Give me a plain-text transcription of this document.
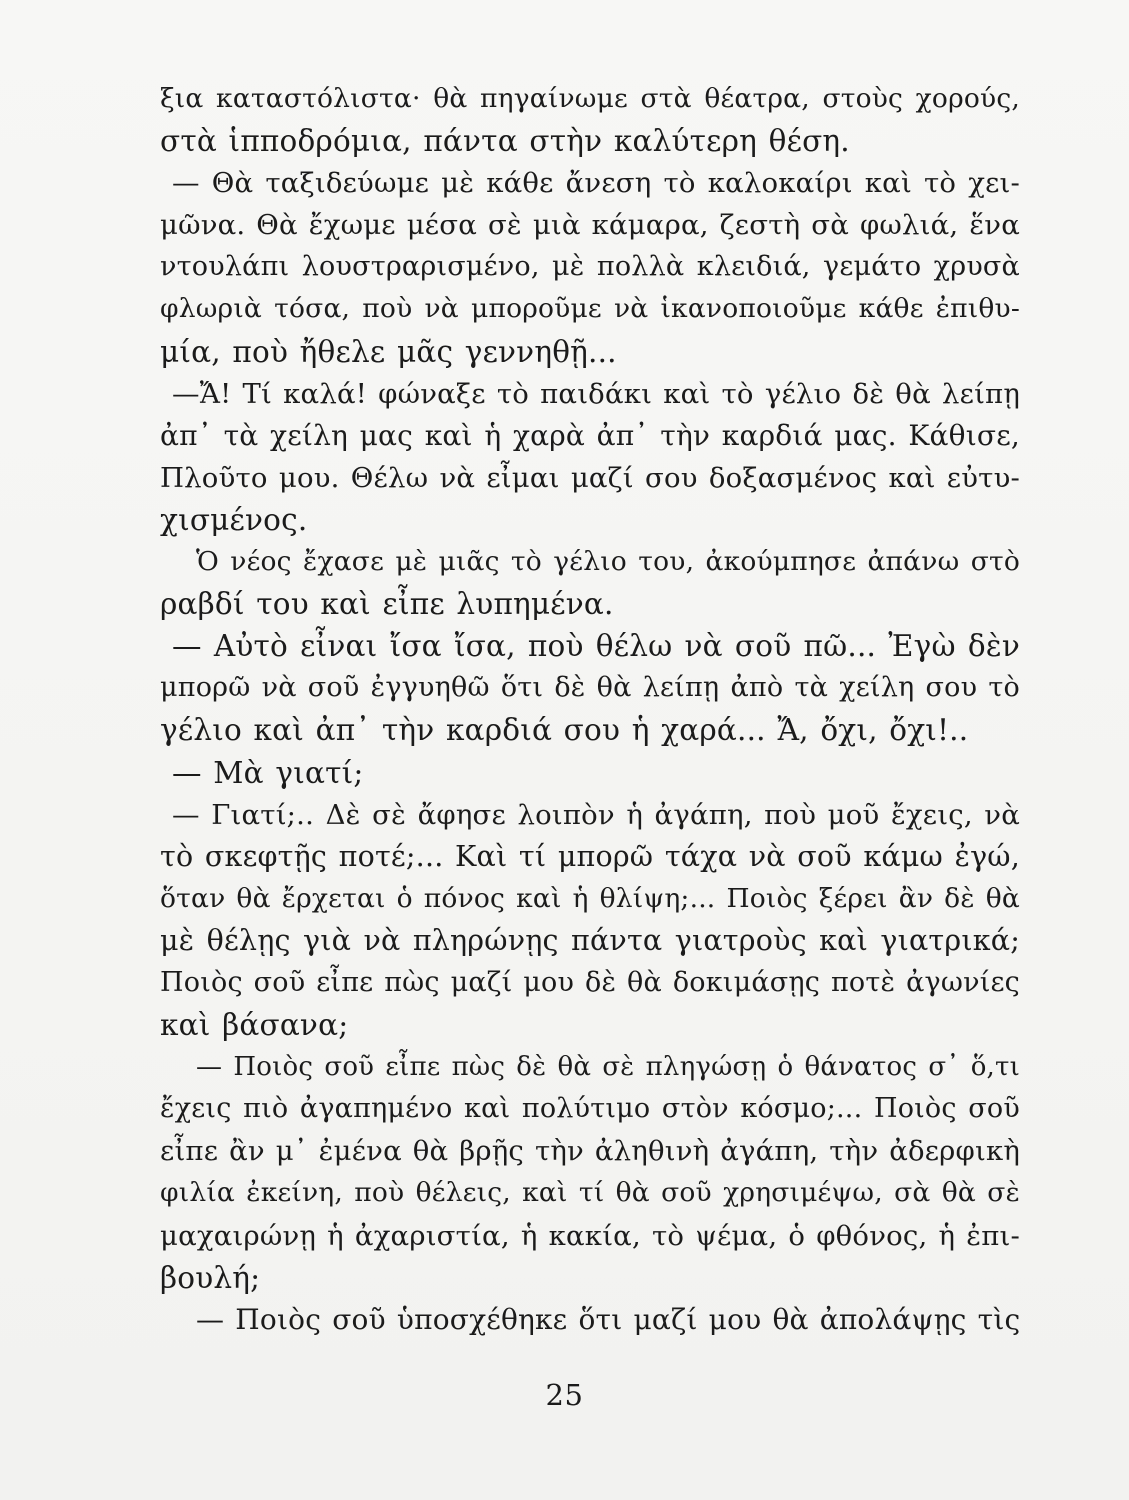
ξια καταστόλιστα· θὰ πηγαίνωμε στὰ θέατρα, στοὺς χορούς,
στὰ ἱπποδρόμια, πάντα στὴν καλύτερη θέση.
— Θὰ ταξιδεύωμε μὲ κάθε ἄνεση τὸ καλοκαίρι καὶ τὸ χει-
μῶνα. Θὰ ἔχωμε μέσα σὲ μιὰ κάμαρα, ζεστὴ σὰ φωλιά, ἕνα
ντουλάπι λουστραρισμένο, μὲ πολλὰ κλειδιά, γεμάτο χρυσὰ
φλωριὰ τόσα, ποὺ νὰ μποροῦμε νὰ ἱκανοποιοῦμε κάθε ἐπιθυ-
μία, ποὺ ἤθελε μᾶς γεννηθῇ...
—Ἄ! Τί καλά! φώναξε τὸ παιδάκι καὶ τὸ γέλιο δὲ θὰ λείπῃ
ἀπ᾽ τὰ χείλη μας καὶ ἡ χαρὰ ἀπ᾽ τὴν καρδιά μας. Κάθισε,
Πλοῦτο μου. Θέλω νὰ εἶμαι μαζί σου δοξασμένος καὶ εὐτυ-
χισμένος.
Ὁ νέος ἔχασε μὲ μιᾶς τὸ γέλιο του, ἀκούμπησε ἀπάνω στὸ
ραβδί του καὶ εἶπε λυπημένα.
— Αὐτὸ εἶναι ἴσα ἴσα, ποὺ θέλω νὰ σοῦ πῶ... Ἐγὼ δὲν
μπορῶ νὰ σοῦ ἐγγυηθῶ ὅτι δὲ θὰ λείπῃ ἀπὸ τὰ χείλη σου τὸ
γέλιο καὶ ἀπ᾽ τὴν καρδιά σου ἡ χαρά... Ἄ, ὄχι, ὄχι!..
— Μὰ γιατί;
— Γιατί;.. Δὲ σὲ ἄφησε λοιπὸν ἡ ἀγάπη, ποὺ μοῦ ἔχεις, νὰ
τὸ σκεφτῇς ποτέ;... Καὶ τί μπορῶ τάχα νὰ σοῦ κάμω ἐγώ,
ὅταν θὰ ἔρχεται ὁ πόνος καὶ ἡ θλίψη;... Ποιὸς ξέρει ἂν δὲ θὰ
μὲ θέλῃς γιὰ νὰ πληρώνῃς πάντα γιατροὺς καὶ γιατρικά;
Ποιὸς σοῦ εἶπε πὼς μαζί μου δὲ θὰ δοκιμάσῃς ποτὲ ἀγωνίες
καὶ βάσανα;
— Ποιὸς σοῦ εἶπε πὼς δὲ θὰ σὲ πληγώσῃ ὁ θάνατος σ᾽ ὅ,τι
ἔχεις πιὸ ἀγαπημένο καὶ πολύτιμο στὸν κόσμο;... Ποιὸς σοῦ
εἶπε ἂν μ᾽ ἐμένα θὰ βρῇς τὴν ἀληθινὴ ἀγάπη, τὴν ἀδερφικὴ
φιλία ἐκείνη, ποὺ θέλεις, καὶ τί θὰ σοῦ χρησιμέψω, σὰ θὰ σὲ
μαχαιρώνῃ ἡ ἀχαριστία, ἡ κακία, τὸ ψέμα, ὁ φθόνος, ἡ ἐπι-
βουλή;
— Ποιὸς σοῦ ὑποσχέθηκε ὅτι μαζί μου θὰ ἀπολάψῃς τὶς
25
